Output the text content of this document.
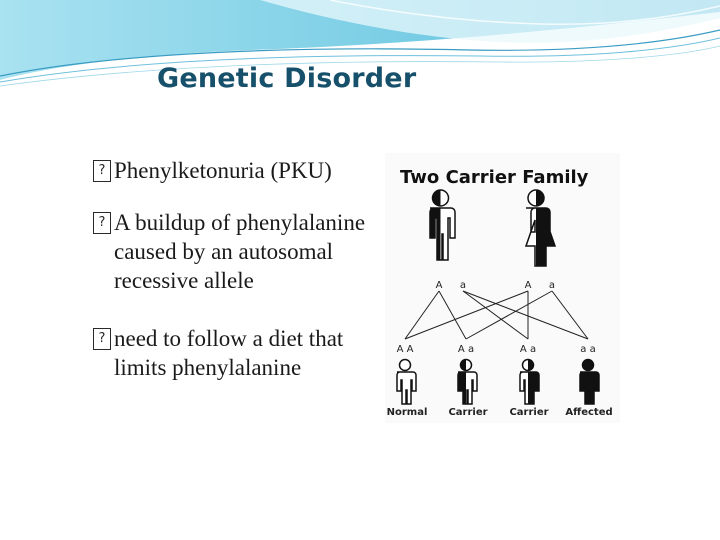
Genetic Disorder
? Phenylketonuria (PKU)
? A buildup of phenylalanine caused by an autosomal recessive allele
? need to follow a diet that limits phenylalanine
Two Carrier Family
A a	A a
A A	A a	A a	a a
Normal Carrier Carrier Affected
